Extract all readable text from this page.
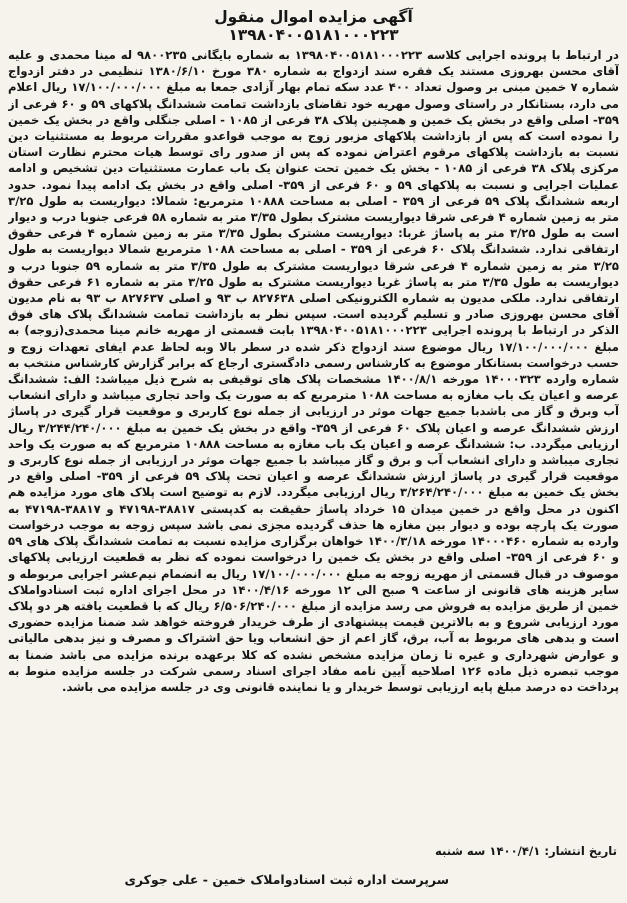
آگهی مزایده اموال منقول
۱۳۹۸۰۴۰۰۵۱۸۱۰۰۰۲۲۳

در ارتباط با پرونده اجرایی کلاسه ۱۳۹۸۰۴۰۰۵۱۸۱۰۰۰۲۲۳ به شماره بایگانی ۹۸۰۰۲۳۵ له مینا محمدی و علیه آقای محسن بهروزی مستند یک فقره سند ازدواج به شماره ۳۸۰ مورخ ۱۳۸۰/۶/۱۰ تنظیمی در دفتر ازدواج شماره ۷ خمین مبنی بر وصول تعداد ۴۰۰ عدد سکه تمام بهار آزادی جمعا به مبلغ ۱۷/۱۰۰/۰۰۰/۰۰۰ ریال اعلام می دارد، بستانکار در راستای وصول مهریه خود تقاضای بازداشت تمامت ششدانگ پلاکهای ۵۹ و ۶۰ فرعی از ۳۵۹- اصلی واقع در بخش یک خمین و همچنین پلاک ۳۸ فرعی از ۱۰۸۵ - اصلی جنگلی واقع در بخش یک خمین را نموده است که پس از بازداشت پلاکهای مزبور زوج به موجب قواعدو مقررات مربوط به مستثنیات دین نسبت به بازداشت پلاکهای مرقوم اعتراض نموده که پس از صدور رای توسط هیات محترم نظارت استان مرکزی پلاک ۳۸ فرعی از ۱۰۸۵ - بخش یک خمین تحت عنوان یک باب عمارت مستثنیات دین تشخیص و ادامه عملیات اجرایی و نسبت به پلاکهای ۵۹ و ۶۰ فرعی از ۳۵۹- اصلی واقع در بخش یک ادامه پیدا نمود. حدود اربعه ششدانگ پلاک ۵۹ فرعی از ۳۵۹ - اصلی به مساحت ۱۰۸۸۸ مترمربع: شمالا: دیواریست به طول ۳/۲۵ متر به زمین شماره ۴ فرعی شرقا دیواریست مشترک بطول ۳/۳۵ متر به شماره ۵۸ فرعی جنوبا درب و دیوار است به طول ۳/۲۵ متر به پاساژ غربا: دیواریست مشترک بطول ۳/۳۵ متر به زمین شماره ۴ فرعی حقوق ارتفاقی ندارد. ششدانگ پلاک ۶۰ فرعی از ۳۵۹ - اصلی به مساحت ۱۰۸۸ مترمربع شمالا دیواریست به طول ۳/۲۵ متر به زمین شماره ۴ فرعی شرقا دیواریست مشترک به طول ۳/۳۵ متر به شماره ۵۹ جنوبا درب و دیواریست به طول ۳/۳۵ متر به پاساژ غربا دیواریست مشترک به طول ۳/۲۵ متر به شماره ۶۱ فرعی حقوق ارتفاقی ندارد. ملکی مدیون به شماره الکترونیکی اصلی ۸۲۷۶۳۸ ب ۹۳ و اصلی ۸۲۷۶۳۷ ب ۹۳ به نام مدیون آقای محسن بهروزی صادر و تسلیم گردیده است. سپس نظر به بازداشت تمامت ششدانگ پلاک های فوق الذکر در ارتباط با پرونده اجرایی ۱۳۹۸۰۴۰۰۵۱۸۱۰۰۰۲۲۳ بابت قسمتی از مهریه خانم مینا محمدی(زوجه) به مبلغ ۱۷/۱۰۰/۰۰۰/۰۰۰ ریال موضوع سند ازدواج ذکر شده در سطر بالا وبه لحاظ عدم ایفای تعهدات زوج و حسب درخواست بستانکار موضوع به کارشناس رسمی دادگستری ارجاع که برابر گزارش کارشناس منتخب به شماره وارده ۱۴۰۰۰۳۲۳ مورخه ۱۴۰۰/۸/۱ مشخصات پلاک های توقیفی به شرح ذیل میباشد: الف: ششدانگ عرصه و اعیان یک باب مغازه به مساحت ۱۰۸۸ مترمربع که به صورت یک واحد تجاری میباشد و دارای انشعاب آب وبرق و گاز می باشدبا جمیع جهات موثر در ارزیابی از جمله نوع کاربری و موقعیت قرار گیری در پاساژ ارزش ششدانگ عرصه و اعیان پلاک ۶۰ فرعی از ۳۵۹- واقع در بخش یک خمین به مبلغ ۳/۲۴۴/۲۴۰/۰۰۰ ریال ارزیابی میگردد. ب: ششدانگ عرصه و اعیان یک باب مغازه به مساحت ۱۰۸۸۸ مترمربع که به صورت یک واحد تجاری میباشد و دارای انشعاب آب و برق و گاز میباشد با جمیع جهات موثر در ارزیابی از جمله نوع کاربری و موقعیت قرار گیری در پاساژ ارزش ششدانگ عرصه و اعیان تحت پلاک ۵۹ فرعی از ۳۵۹- اصلی واقع در بخش یک خمین به مبلغ ۳/۲۶۴/۲۴۰/۰۰۰ ریال ارزیابی میگردد. لازم به توضیح است پلاک های مورد مزایده هم اکنون در محل واقع در خمین میدان ۱۵ خرداد پاساژ حقیقت به کدپستی ۳۸۸۱۷-۴۷۱۹۸ و ۳۸۸۱۷-۴۷۱۹۸ به صورت یک پارچه بوده و دیوار بین مغازه ها حذف گردیده مجزی نمی باشد سپس زوجه به موجب درخواست وارده به شماره ۱۴۰۰۰۴۶۰ مورخه ۱۴۰۰/۳/۱۸ خواهان برگزاری مزایده نسبت به تمامت ششدانگ پلاک های ۵۹ و ۶۰ فرعی از ۳۵۹- اصلی واقع در بخش یک خمین را درخواست نموده که نظر به قطعیت ارزیابی پلاکهای موصوف در قبال قسمتی از مهریه زوجه به مبلغ ۱۷/۱۰۰/۰۰۰/۰۰۰ ریال به انضمام نیم‌عشر اجرایی مربوطه و سایر هزینه های قانونی از ساعت ۹ صبح الی ۱۲ مورخه ۱۴۰۰/۴/۱۶ در محل اجرای اداره ثبت اسنادواملاک خمین از طریق مزایده به فروش می رسد مزایده از مبلغ ۶/۵۰۶/۲۴۰/۰۰۰ ریال که با قطعیت یافته هر دو پلاک مورد ارزیابی شروع و به بالاترین قیمت پیشنهادی از طرف خریدار فروخته خواهد شد ضمنا مزایده حضوری است و بدهی های مربوط به آب، برق، گاز اعم از حق انشعاب ویا حق اشتراک و مصرف و نیز بدهی مالیاتی و عوارض شهرداری و غیره تا زمان مزایده مشخص نشده که کلا برعهده برنده مزایده می باشد ضمنا به موجب تبصره ذیل ماده ۱۲۶ اصلاحیه آیین نامه مفاد اجرای اسناد رسمی شرکت در جلسه مزایده منوط به پرداخت ده درصد مبلغ پایه ارزیابی توسط خریدار و یا نماینده قانونی وی در جلسه مزایده می باشد.

تاریخ انتشار: ۱۴۰۰/۴/۱ سه شنبه
سرپرست اداره ثبت اسنادواملاک خمین - علی جوکری
